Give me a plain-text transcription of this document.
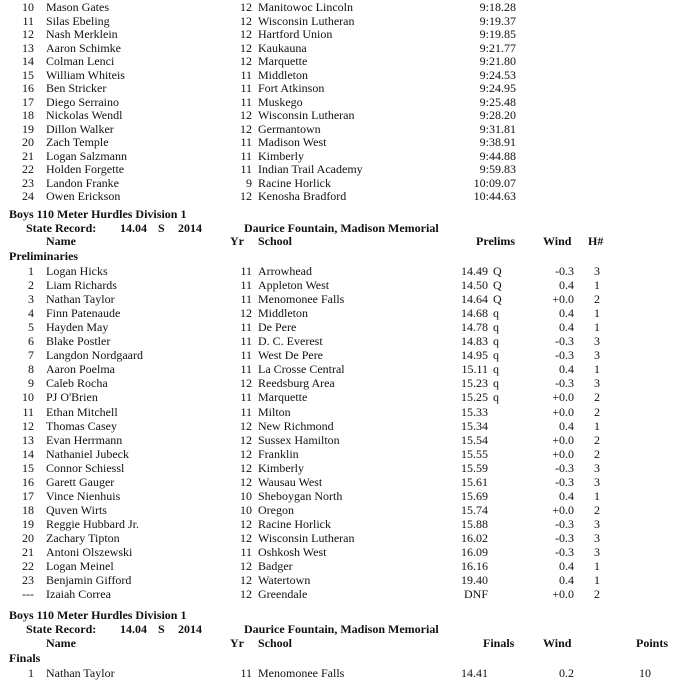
10 Mason Gates	12 Manitowoc Lincoln	9:18.28
11 Silas Ebeling	12 Wisconsin Lutheran	9:19.37
12 Nash Merklein	12 Hartford Union	9:19.85
13 Aaron Schimke	12 Kaukauna	9:21.77
14 Colman Lenci	12 Marquette	9:21.80
15 William Whiteis	11 Middleton	9:24.53
16 Ben Stricker	11 Fort Atkinson	9:24.95
17 Diego Serraino	11 Muskego	9:25.48
18 Nickolas Wendl	12 Wisconsin Lutheran	9:28.20
19 Dillon Walker	12 Germantown	9:31.81
20 Zach Temple	11 Madison West	9:38.91
21 Logan Salzmann	11 Kimberly	9:44.88
22 Holden Forgette	11 Indian Trail Academy	9:59.83
23 Landon Franke	9 Racine Horlick	10:09.07
24 Owen Erickson	12 Kenosha Bradford	10:44.63
Boys 110 Meter Hurdles Division 1
State Record: 14.04 S 2014	Daurice Fountain, Madison Memorial
Name	Yr School	Prelims Wind H#
Preliminaries
1 Logan Hicks	11 Arrowhead	14.49 Q	-0.3 3
2 Liam Richards	11 Appleton West	14.50 Q	0.4 1
3 Nathan Taylor	11 Menomonee Falls	14.64 Q	+0.0 2
4 Finn Patenaude	12 Middleton	14.68 q	0.4 1
5 Hayden May	11 De Pere	14.78 q	0.4 1
6 Blake Postler	11 D. C. Everest	14.83 q	-0.3 3
7 Langdon Nordgaard	11 West De Pere	14.95 q	-0.3 3
8 Aaron Poelma	11 La Crosse Central	15.11 q	0.4 1
9 Caleb Rocha	12 Reedsburg Area	15.23 q	-0.3 3
10 PJ O'Brien	11 Marquette	15.25 q	+0.0 2
11 Ethan Mitchell	11 Milton	15.33	+0.0 2
12 Thomas Casey	12 New Richmond	15.34	0.4 1
13 Evan Herrmann	12 Sussex Hamilton	15.54	+0.0 2
14 Nathaniel Jubeck	12 Franklin	15.55	+0.0 2
15 Connor Schiessl	12 Kimberly	15.59	-0.3 3
16 Garett Gauger	12 Wausau West	15.61	-0.3 3
17 Vince Nienhuis	10 Sheboygan North	15.69	0.4 1
18 Quven Wirts	10 Oregon	15.74	+0.0 2
19 Reggie Hubbard Jr.	12 Racine Horlick	15.88	-0.3 3
20 Zachary Tipton	12 Wisconsin Lutheran	16.02	-0.3 3
21 Antoni Olszewski	11 Oshkosh West	16.09	-0.3 3
22 Logan Meinel	12 Badger	16.16	0.4 1
23 Benjamin Gifford	12 Watertown	19.40	0.4 1
--- Izaiah Correa	12 Greendale	DNF	+0.0 2
Boys 110 Meter Hurdles Division 1
State Record: 14.04 S 2014	Daurice Fountain, Madison Memorial
Name	Yr School	Finals Wind	Points
Finals
1 Nathan Taylor	11 Menomonee Falls	14.41	0.2	10
